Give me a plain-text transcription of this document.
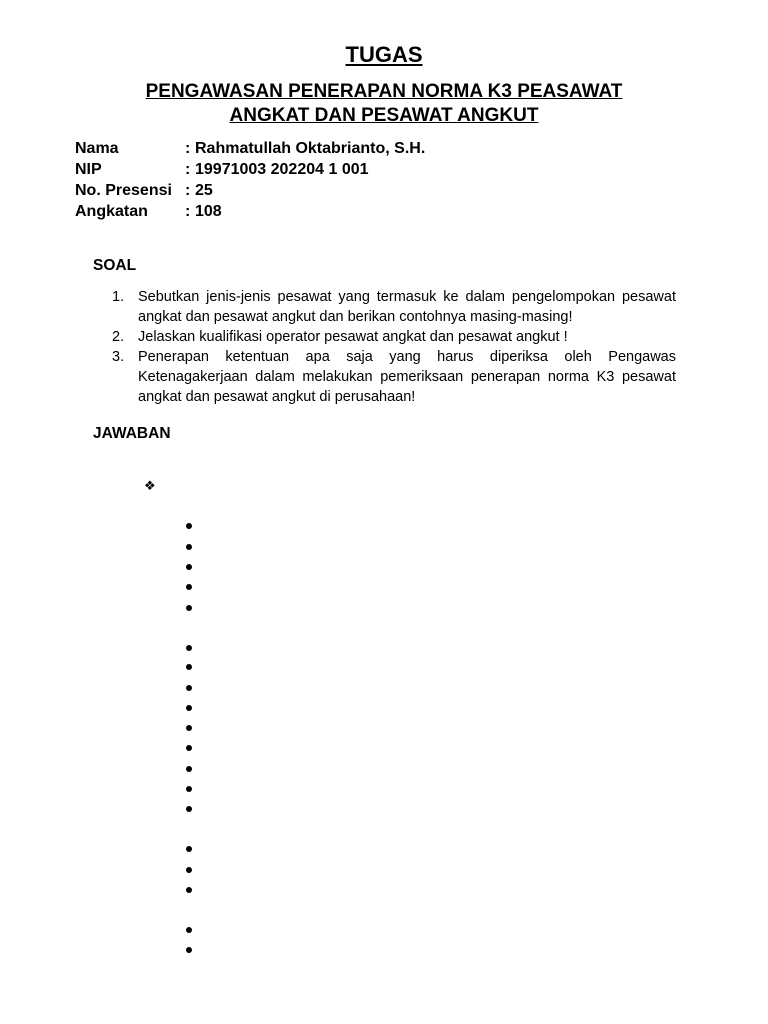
TUGAS
PENGAWASAN PENERAPAN NORMA K3 PEASAWAT
ANGKAT DAN PESAWAT ANGKUT
Nama	: Rahmatullah Oktabrianto, S.H.
NIP	: 19971003 202204 1 001
No. Presensi : 25
Angkatan	: 108
SOAL
1. Sebutkan jenis-jenis pesawat yang termasuk ke dalam pengelompokan pesawat angkat dan pesawat angkut dan berikan contohnya masing-masing!
2. Jelaskan kualifikasi operator pesawat angkat dan pesawat angkut !
3. Penerapan ketentuan apa saja yang harus diperiksa oleh Pengawas Ketenagakerjaan dalam melakukan pemeriksaan penerapan norma K3 pesawat angkat dan pesawat angkut di perusahaan!
JAWABAN
❖
